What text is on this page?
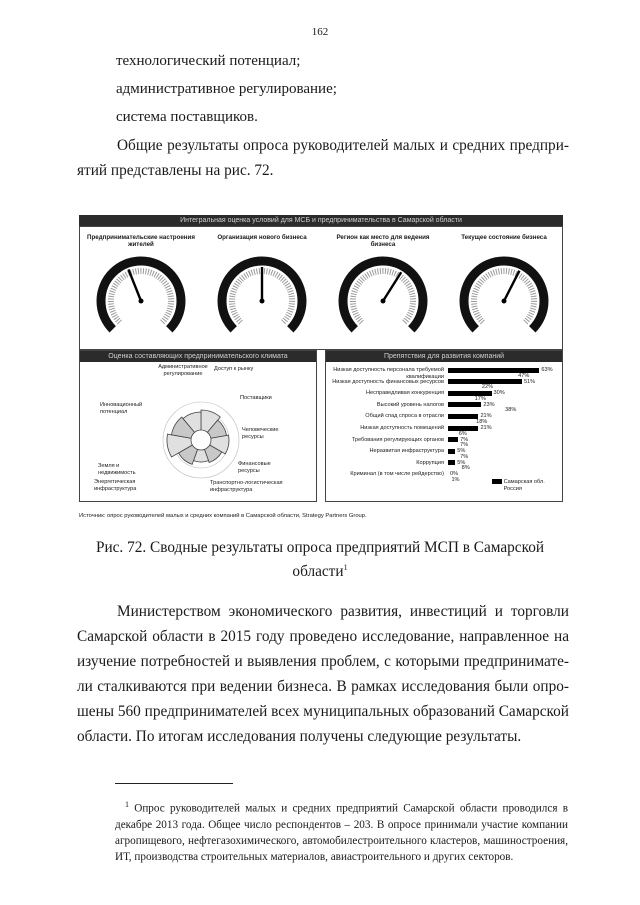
162
технологический потенциал;
административное регулирование;
система поставщиков.
Общие результаты опроса руководителей малых и средних предпри-
ятий представлены на рис. 72.
Интегральная оценка условий для МСБ и предпринимательства в Самарской области
Предпринимательские настроения жителей
Организация нового бизнеса	Регион как место для ведения бизнеса
Текущее состояние бизнеса
Оценка составляющих предпринимательского климата
Административное регулирование
Доступ к рынку
Поставщики
Человеческие ресурсы
Финансовые ресурсы
Транспортно-логистическая инфраструктура
Энергетическая инфраструктура
Земля и недвижимость
Инновационный потенциал
Препятствия для развития компаний
Низкая доступность персонала требуемой квалификации
63%
47%
Низкая доступность финансовых ресурсов	51%
22%
Несправедливая конкуренция	30%
17%
Высокий уровень налогов	23%
38%
Общий спад спроса в отрасли	21%
18%
Низкая доступность помещений	21%
6%
Требования регулирующих органов	7%
7%
Неразвитая инфраструктура 5%
7%
Коррупция 5%
8%
Криминал (в том числе рейдерство) 0%
1%	Самарская обл.
Россия
Источник: опрос руководителей малых и средних компаний в Самарской области, Strategy Partners Group.
Рис. 72. Сводные результаты опроса предприятий МСП в Самарской
области$^1$
Министерством экономического развития, инвестиций и торговли
Самарской области в 2015 году проведено исследование, направленное на
изучение потребностей и выявления проблем, с которыми предпринимате-
ли сталкиваются при ведении бизнеса. В рамках исследования были опро-
шены 560 предпринимателей всех муниципальных образований Самарской
области. По итогам исследования получены следующие результаты.
$^1$ Опрос руководителей малых и средних предприятий Самарской области проводился в
декабре 2013 года. Общее число респондентов – 203. В опросе принимали участие компании
агропищевого, нефтегазохимического, автомобилестроительного кластеров, машиностроения,
ИТ, производства строительных материалов, авиастроительного и других секторов.
